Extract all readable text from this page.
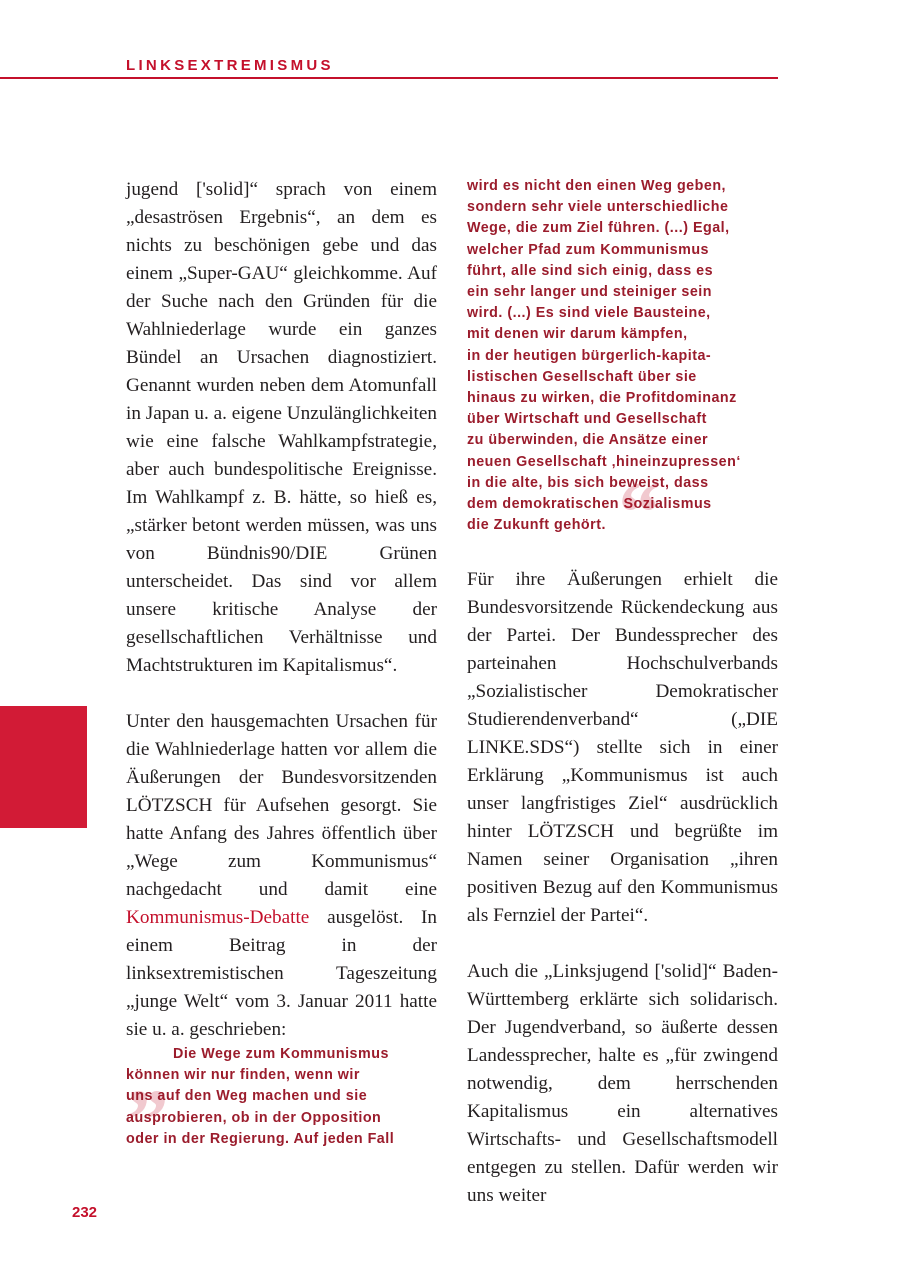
LINKSEXTREMISMUS

jugend ['solid]“ sprach von einem „desaströsen Ergebnis“, an dem es nichts zu beschönigen gebe und das einem „Super-GAU“ gleichkomme. Auf der Suche nach den Gründen für die Wahlniederlage wurde ein ganzes Bündel an Ursachen diagnostiziert. Genannt wurden neben dem Atomunfall in Japan u. a. eigene Unzulänglichkeiten wie eine falsche Wahlkampfstrategie, aber auch bundespolitische Ereignisse. Im Wahlkampf z. B. hätte, so hieß es, „stärker betont werden müssen, was uns von Bündnis90/DIE Grünen unterscheidet. Das sind vor allem unsere kritische Analyse der gesellschaftlichen Verhältnisse und Machtstrukturen im Kapitalismus“.

Unter den hausgemachten Ursachen für die Wahlniederlage hatten vor allem die Äußerungen der Bundesvorsitzenden LÖTZSCH für Aufsehen gesorgt. Sie hatte Anfang des Jahres öffentlich über „Wege zum Kommunismus“ nachgedacht und damit eine Kommunismus-Debatte ausgelöst. In einem Beitrag in der linksextremistischen Tageszeitung „junge Welt“ vom 3. Januar 2011 hatte sie u. a. geschrieben:

„ Die Wege zum Kommunismus
können wir nur finden, wenn wir
uns auf den Weg machen und sie
ausprobieren, ob in der Opposition
oder in der Regierung. Auf jeden Fall
wird es nicht den einen Weg geben,
sondern sehr viele unterschiedliche
Wege, die zum Ziel führen. (...) Egal,
welcher Pfad zum Kommunismus
führt, alle sind sich einig, dass es
ein sehr langer und steiniger sein
wird. (...) Es sind viele Bausteine,
mit denen wir darum kämpfen,
in der heutigen bürgerlich-kapita-
listischen Gesellschaft über sie
hinaus zu wirken, die Profitdominanz
über Wirtschaft und Gesellschaft
zu überwinden, die Ansätze einer
neuen Gesellschaft ‚hineinzupressen‘
in die alte, bis sich beweist, dass
dem demokratischen Sozialismus
die Zukunft gehört. “

Für ihre Äußerungen erhielt die Bundesvorsitzende Rückendeckung aus der Partei. Der Bundessprecher des parteinahen Hochschulverbands „Sozialistischer Demokratischer Studierendenverband“ („DIE LINKE.SDS“) stellte sich in einer Erklärung „Kommunismus ist auch unser langfristiges Ziel“ ausdrücklich hinter LÖTZSCH und begrüßte im Namen seiner Organisation „ihren positiven Bezug auf den Kommunismus als Fernziel der Partei“.

Auch die „Linksjugend ['solid]“ Baden-Württemberg erklärte sich solidarisch. Der Jugendverband, so äußerte dessen Landessprecher, halte es „für zwingend notwendig, dem herrschenden Kapitalismus ein alternatives Wirtschafts- und Gesellschaftsmodell entgegen zu stellen. Dafür werden wir uns weiter

232
